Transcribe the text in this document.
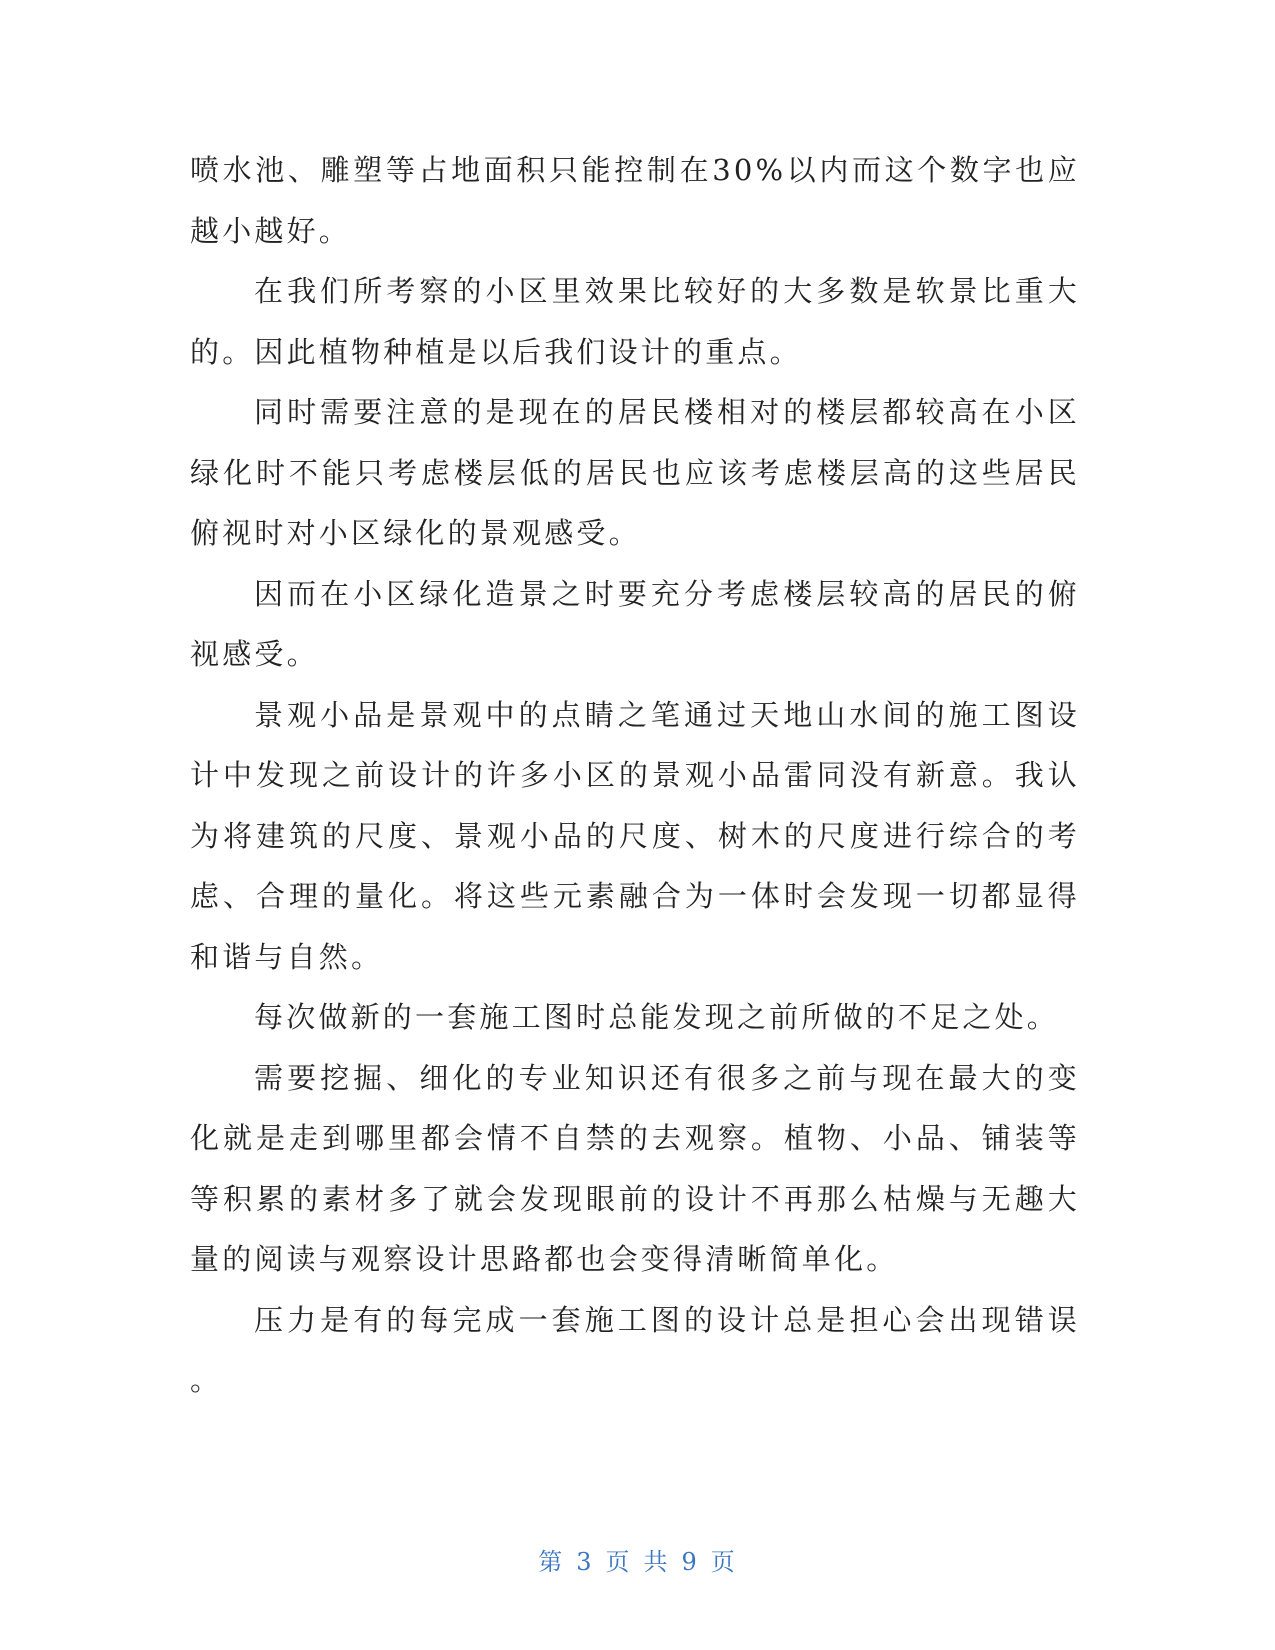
喷水池、雕塑等占地面积只能控制在30%以内而这个数字也应越小越好。

在我们所考察的小区里效果比较好的大多数是软景比重大的。因此植物种植是以后我们设计的重点。

同时需要注意的是现在的居民楼相对的楼层都较高在小区绿化时不能只考虑楼层低的居民也应该考虑楼层高的这些居民俯视时对小区绿化的景观感受。

因而在小区绿化造景之时要充分考虑楼层较高的居民的俯视感受。

景观小品是景观中的点睛之笔通过天地山水间的施工图设计中发现之前设计的许多小区的景观小品雷同没有新意。我认为将建筑的尺度、景观小品的尺度、树木的尺度进行综合的考虑、合理的量化。将这些元素融合为一体时会发现一切都显得和谐与自然。

每次做新的一套施工图时总能发现之前所做的不足之处。

需要挖掘、细化的专业知识还有很多之前与现在最大的变化就是走到哪里都会情不自禁的去观察。植物、小品、铺装等等积累的素材多了就会发现眼前的设计不再那么枯燥与无趣大量的阅读与观察设计思路都也会变得清晰简单化。

压力是有的每完成一套施工图的设计总是担心会出现错误。

第 3 页 共 9 页
